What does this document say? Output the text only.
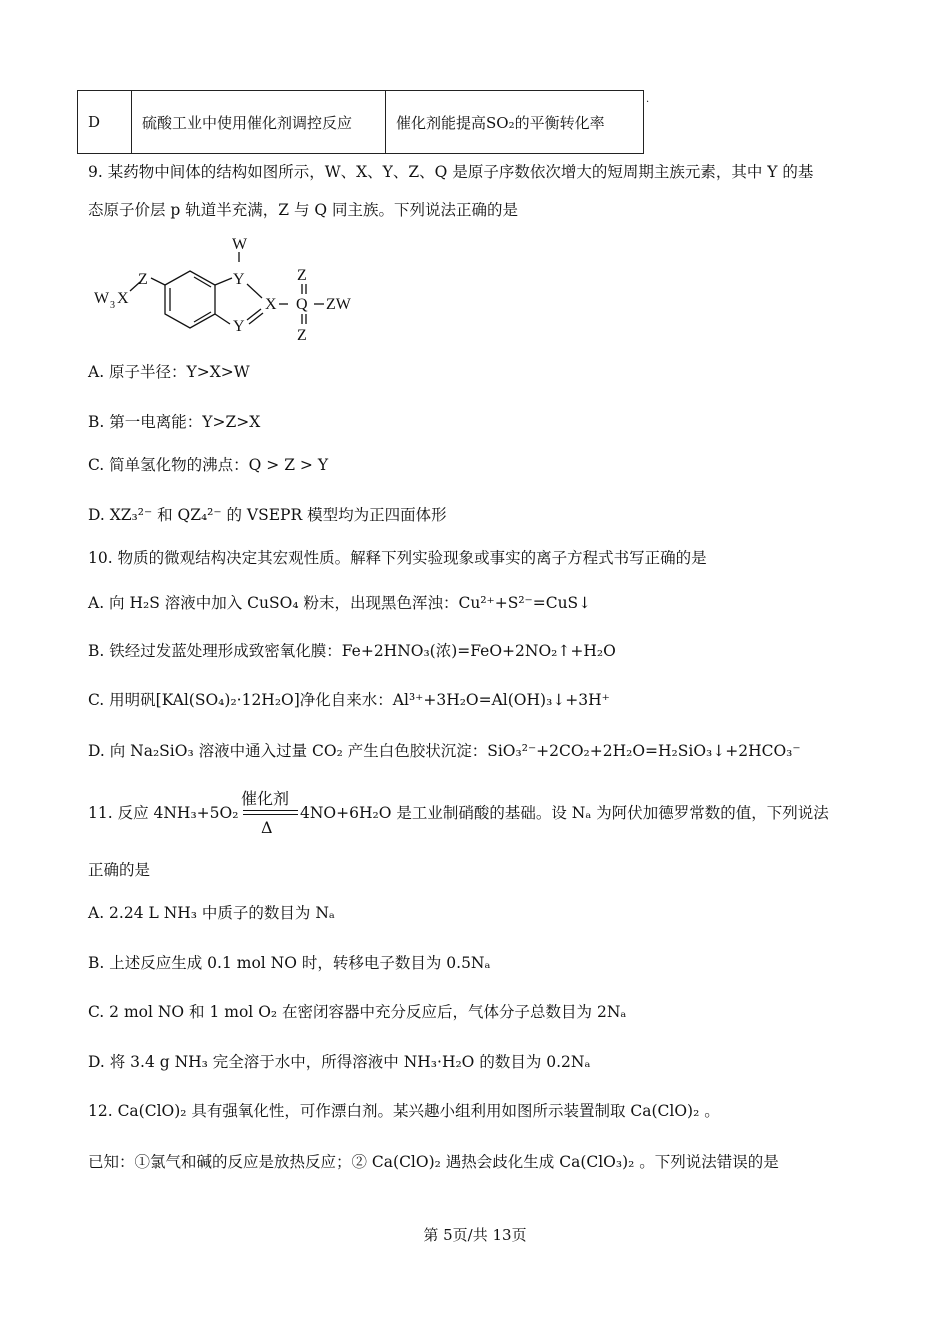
D	硫酸工业中使用催化剂调控反应	催化剂能提高SO₂的平衡转化率
.
9. 某药物中间体的结构如图所示，W、X、Y、Z、Q 是原子序数依次增大的短周期主族元素，其中 Y 的基
态原子价层 p 轨道半充满，Z 与 Q 同主族。下列说法正确的是
W
Y
Y
X Q
Z
Z
ZW
W 3 X
Z
A. 原子半径：Y>X>W
B. 第一电离能：Y>Z>X
C. 简单氢化物的沸点：Q > Z > Y
D. XZ₃²⁻ 和 QZ₄²⁻ 的 VSEPR 模型均为正四面体形
10. 物质的微观结构决定其宏观性质。解释下列实验现象或事实的离子方程式书写正确的是
A. 向 H₂S 溶液中加入 CuSO₄ 粉末，出现黑色浑浊：Cu²⁺+S²⁻=CuS↓
B. 铁经过发蓝处理形成致密氧化膜：Fe+2HNO₃(浓)=FeO+2NO₂↑+H₂O
C. 用明矾[KAl(SO₄)₂·12H₂O]净化自来水：Al³⁺+3H₂O=Al(OH)₃↓+3H⁺
D. 向 Na₂SiO₃ 溶液中通入过量 CO₂ 产生白色胶状沉淀：SiO₃²⁻+2CO₂+2H₂O=H₂SiO₃↓+2HCO₃⁻
11. 反应 4NH₃+5O₂
催化剂
Δ
4NO+6H₂O 是工业制硝酸的基础。设 Nₐ 为阿伏加德罗常数的值，下列说法
正确的是
A. 2.24 L NH₃ 中质子的数目为 Nₐ
B. 上述反应生成 0.1 mol NO 时，转移电子数目为 0.5Nₐ
C. 2 mol NO 和 1 mol O₂ 在密闭容器中充分反应后，气体分子总数目为 2Nₐ
D. 将 3.4 g NH₃ 完全溶于水中，所得溶液中 NH₃·H₂O 的数目为 0.2Nₐ
12. Ca(ClO)₂ 具有强氧化性，可作漂白剂。某兴趣小组利用如图所示装置制取 Ca(ClO)₂ 。
已知：①氯气和碱的反应是放热反应；② Ca(ClO)₂ 遇热会歧化生成 Ca(ClO₃)₂ 。下列说法错误的是
第 5页/共 13页
